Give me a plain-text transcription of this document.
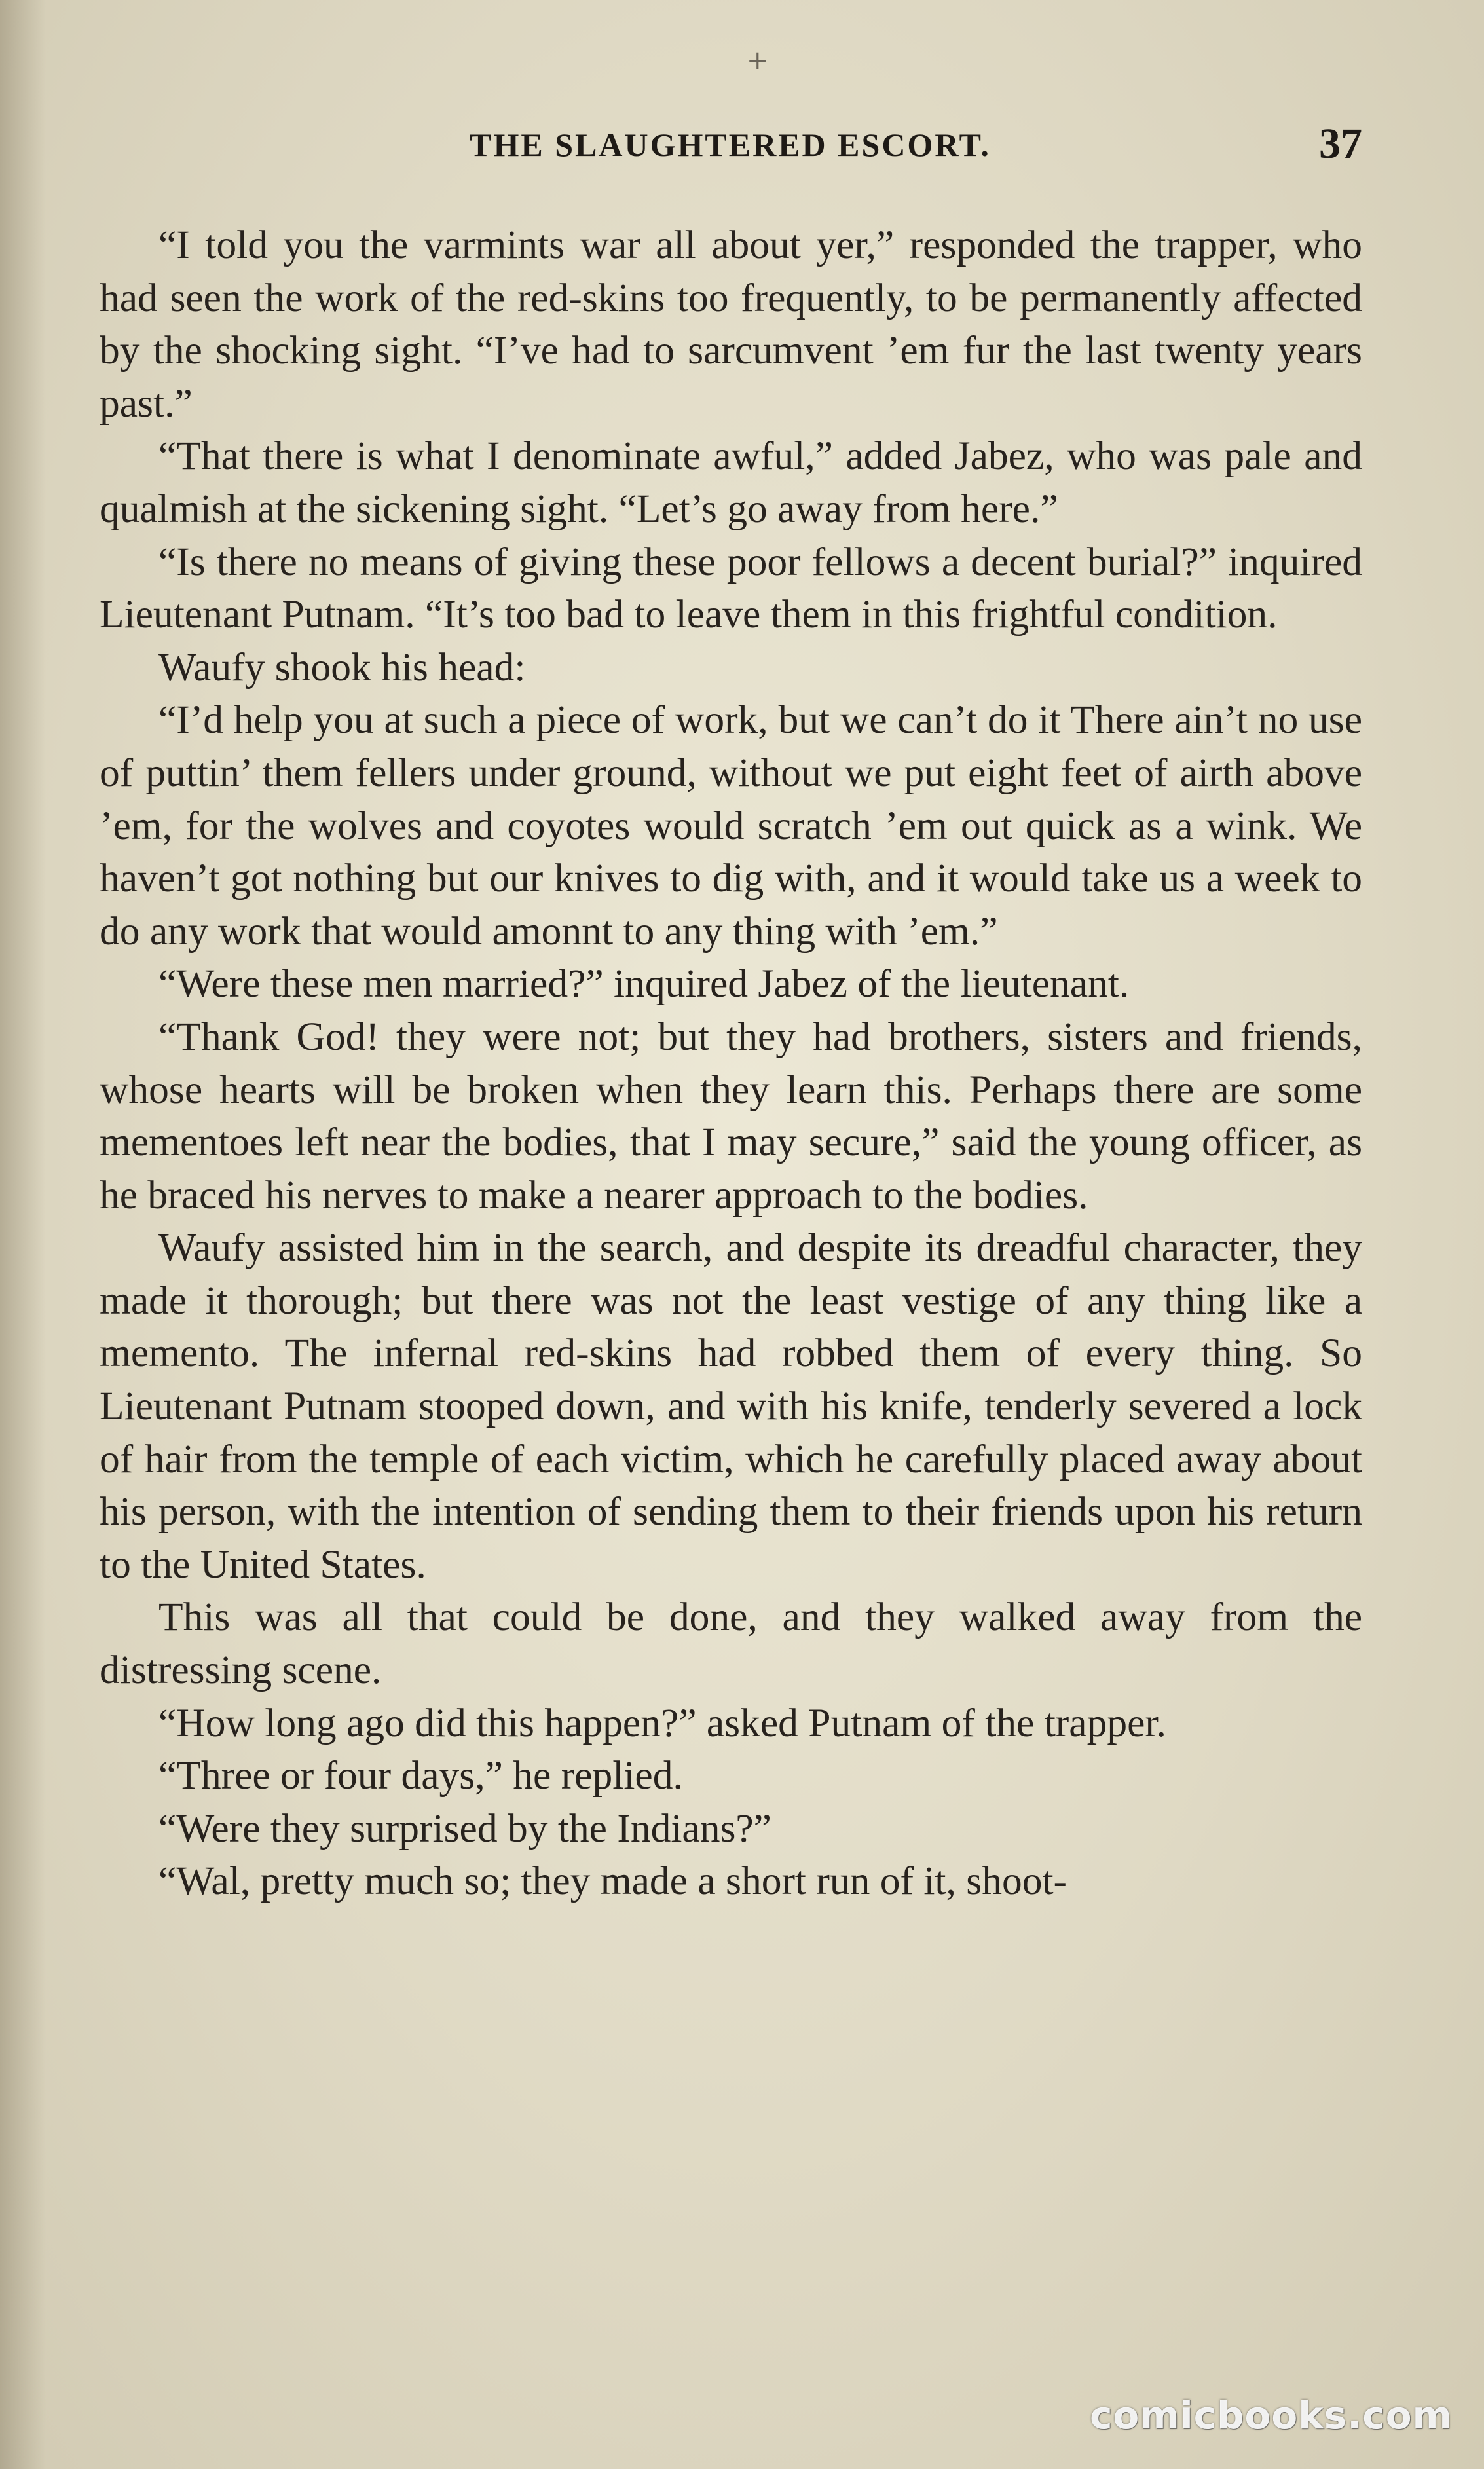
+
THE SLAUGHTERED ESCORT.	37

“I told you the varmints war all about yer,” responded the trapper, who had seen the work of the red-skins too frequently, to be permanently affected by the shocking sight. “I’ve had to sarcumvent ’em fur the last twenty years past.”

“That there is what I denominate awful,” added Jabez, who was pale and qualmish at the sickening sight. “Let’s go away from here.”

“Is there no means of giving these poor fellows a decent burial?” inquired Lieutenant Putnam. “It’s too bad to leave them in this frightful condition.

Waufy shook his head:

“I’d help you at such a piece of work, but we can’t do it There ain’t no use of puttin’ them fellers under ground, without we put eight feet of airth above ’em, for the wolves and coyotes would scratch ’em out quick as a wink. We haven’t got nothing but our knives to dig with, and it would take us a week to do any work that would amonnt to any thing with ’em.”

“Were these men married?” inquired Jabez of the lieutenant.

“Thank God! they were not; but they had brothers, sisters and friends, whose hearts will be broken when they learn this. Perhaps there are some mementoes left near the bodies, that I may secure,” said the young officer, as he braced his nerves to make a nearer approach to the bodies.

Waufy assisted him in the search, and despite its dreadful character, they made it thorough; but there was not the least vestige of any thing like a memento. The infernal red-skins had robbed them of every thing. So Lieutenant Putnam stooped down, and with his knife, tenderly severed a lock of hair from the temple of each victim, which he carefully placed away about his person, with the intention of sending them to their friends upon his return to the United States.

This was all that could be done, and they walked away from the distressing scene.

“How long ago did this happen?” asked Putnam of the trapper.

“Three or four days,” he replied.

“Were they surprised by the Indians?”

“Wal, pretty much so; they made a short run of it, shoot-

comicbooks.com
